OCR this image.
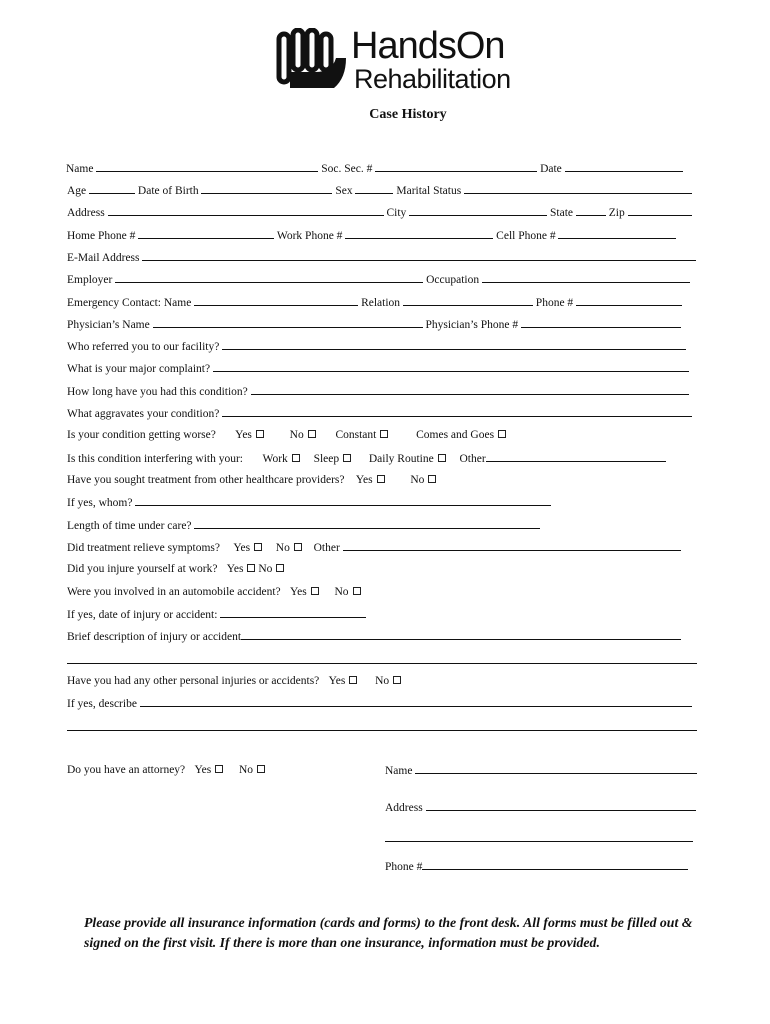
HandsOn
Rehabilitation
Case History
Name	Soc. Sec. #	Date
Age	Date of Birth	Sex	Marital Status
Address	City	State	Zip
Home Phone #	Work Phone #	Cell Phone #
E-Mail Address
Employer	Occupation
Emergency Contact: Name	Relation	Phone #
Physician’s Name	Physician’s Phone #
Who referred you to our facility?
What is your major complaint?
How long have you had this condition?
What aggravates your condition?
Is your condition getting worse? Yes	No	Constant	Comes and Goes
Is this condition interfering with your: Work Sleep	Daily Routine Other
Have you sought treatment from other healthcare providers? Yes	No
If yes, whom?
Length of time under care?
Did treatment relieve symptoms? Yes No Other
Did you injure yourself at work? Yes No
Were you involved in an automobile accident? Yes No
If yes, date of injury or accident:
Brief description of injury or accident
Have you had any other personal injuries or accidents? Yes	No
If yes, describe
Do you have an attorney? Yes No	Name
Address
Phone #
Please provide all insurance information (cards and forms) to the front desk. All forms must be filled out & signed on the first visit. If there is more than one insurance, information must be provided.
